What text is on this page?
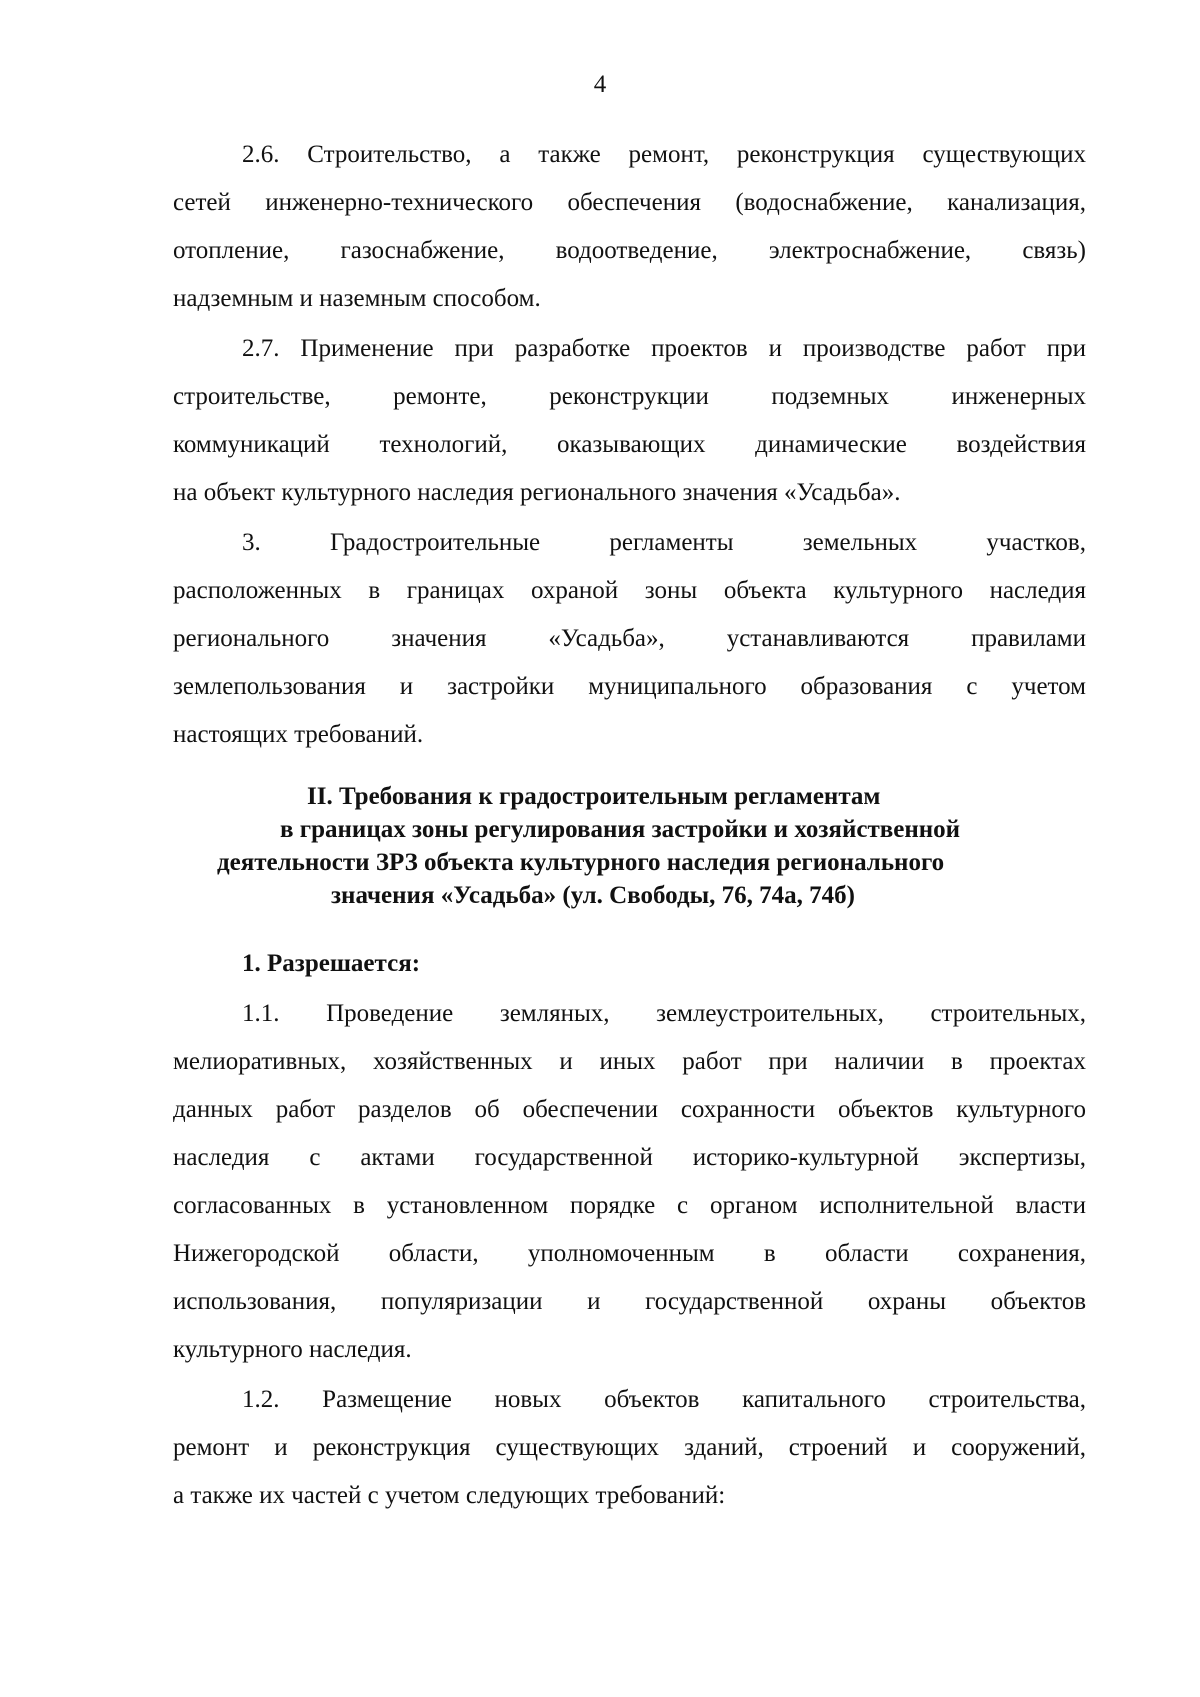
4
2.6. Строительство, а также ремонт, реконструкция существующих
сетей инженерно-технического обеспечения (водоснабжение, канализация,
отопление, газоснабжение, водоотведение, электроснабжение, связь)
надземным и наземным способом.
2.7. Применение при разработке проектов и производстве работ при
строительстве, ремонте, реконструкции подземных инженерных
коммуникаций технологий, оказывающих динамические воздействия
на объект культурного наследия регионального значения «Усадьба».
3. Градостроительные регламенты земельных участков,
расположенных в границах охраной зоны объекта культурного наследия
регионального значения «Усадьба», устанавливаются правилами
землепользования и застройки муниципального образования с учетом
настоящих требований.
II. Требования к градостроительным регламентам
в границах зоны регулирования застройки и хозяйственной
деятельности ЗРЗ объекта культурного наследия регионального
значения «Усадьба» (ул. Свободы, 76, 74а, 74б)
1. Разрешается:
1.1. Проведение земляных, землеустроительных, строительных,
мелиоративных, хозяйственных и иных работ при наличии в проектах
данных работ разделов об обеспечении сохранности объектов культурного
наследия с актами государственной историко-культурной экспертизы,
согласованных в установленном порядке с органом исполнительной власти
Нижегородской области, уполномоченным в области сохранения,
использования, популяризации и государственной охраны объектов
культурного наследия.
1.2. Размещение новых объектов капитального строительства,
ремонт и реконструкция существующих зданий, строений и сооружений,
а также их частей с учетом следующих требований:
